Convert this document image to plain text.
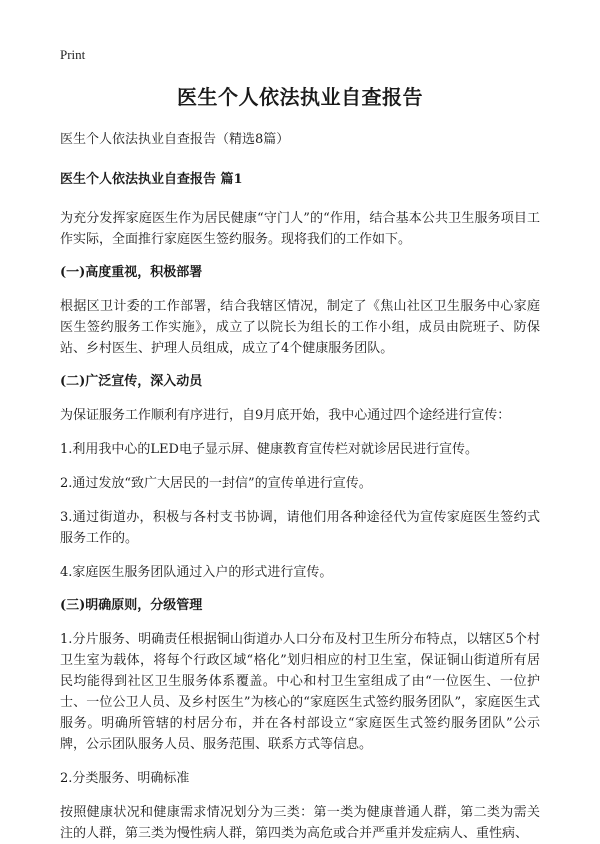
Print
医生个人依法执业自查报告

医生个人依法执业自查报告（精选8篇）

医生个人依法执业自查报告 篇1

为充分发挥家庭医生作为居民健康“守门人”的“作用，结合基本公共卫生服务项目工作实际，全面推行家庭医生签约服务。现将我们的工作如下。

(一)高度重视，积极部署

根据区卫计委的工作部署，结合我辖区情况，制定了《焦山社区卫生服务中心家庭医生签约服务工作实施》，成立了以院长为组长的工作小组，成员由院班子、防保站、乡村医生、护理人员组成，成立了4个健康服务团队。

(二)广泛宣传，深入动员

为保证服务工作顺利有序进行，自9月底开始，我中心通过四个途经进行宣传：

1.利用我中心的LED电子显示屏、健康教育宣传栏对就诊居民进行宣传。

2.通过发放“致广大居民的一封信”的宣传单进行宣传。

3.通过街道办，积极与各村支书协调，请他们用各种途径代为宣传家庭医生签约式服务工作的。

4.家庭医生服务团队通过入户的形式进行宣传。

(三)明确原则，分级管理

1.分片服务、明确责任根据铜山街道办人口分布及村卫生所分布特点，以辖区5个村卫生室为载体，将每个行政区域“格化”划归相应的村卫生室，保证铜山街道所有居民均能得到社区卫生服务体系覆盖。中心和村卫生室组成了由“一位医生、一位护士、一位公卫人员、及乡村医生”为核心的“家庭医生式签约服务团队”，家庭医生式服务。明确所管辖的村居分布，并在各村部设立“家庭医生式签约服务团队”公示牌，公示团队服务人员、服务范围、联系方式等信息。

2.分类服务、明确标准

按照健康状况和健康需求情况划分为三类：第一类为健康普通人群，第二类为需关注的人群，第三类为慢性病人群，第四类为高危或合并严重并发症病人、重性病、
